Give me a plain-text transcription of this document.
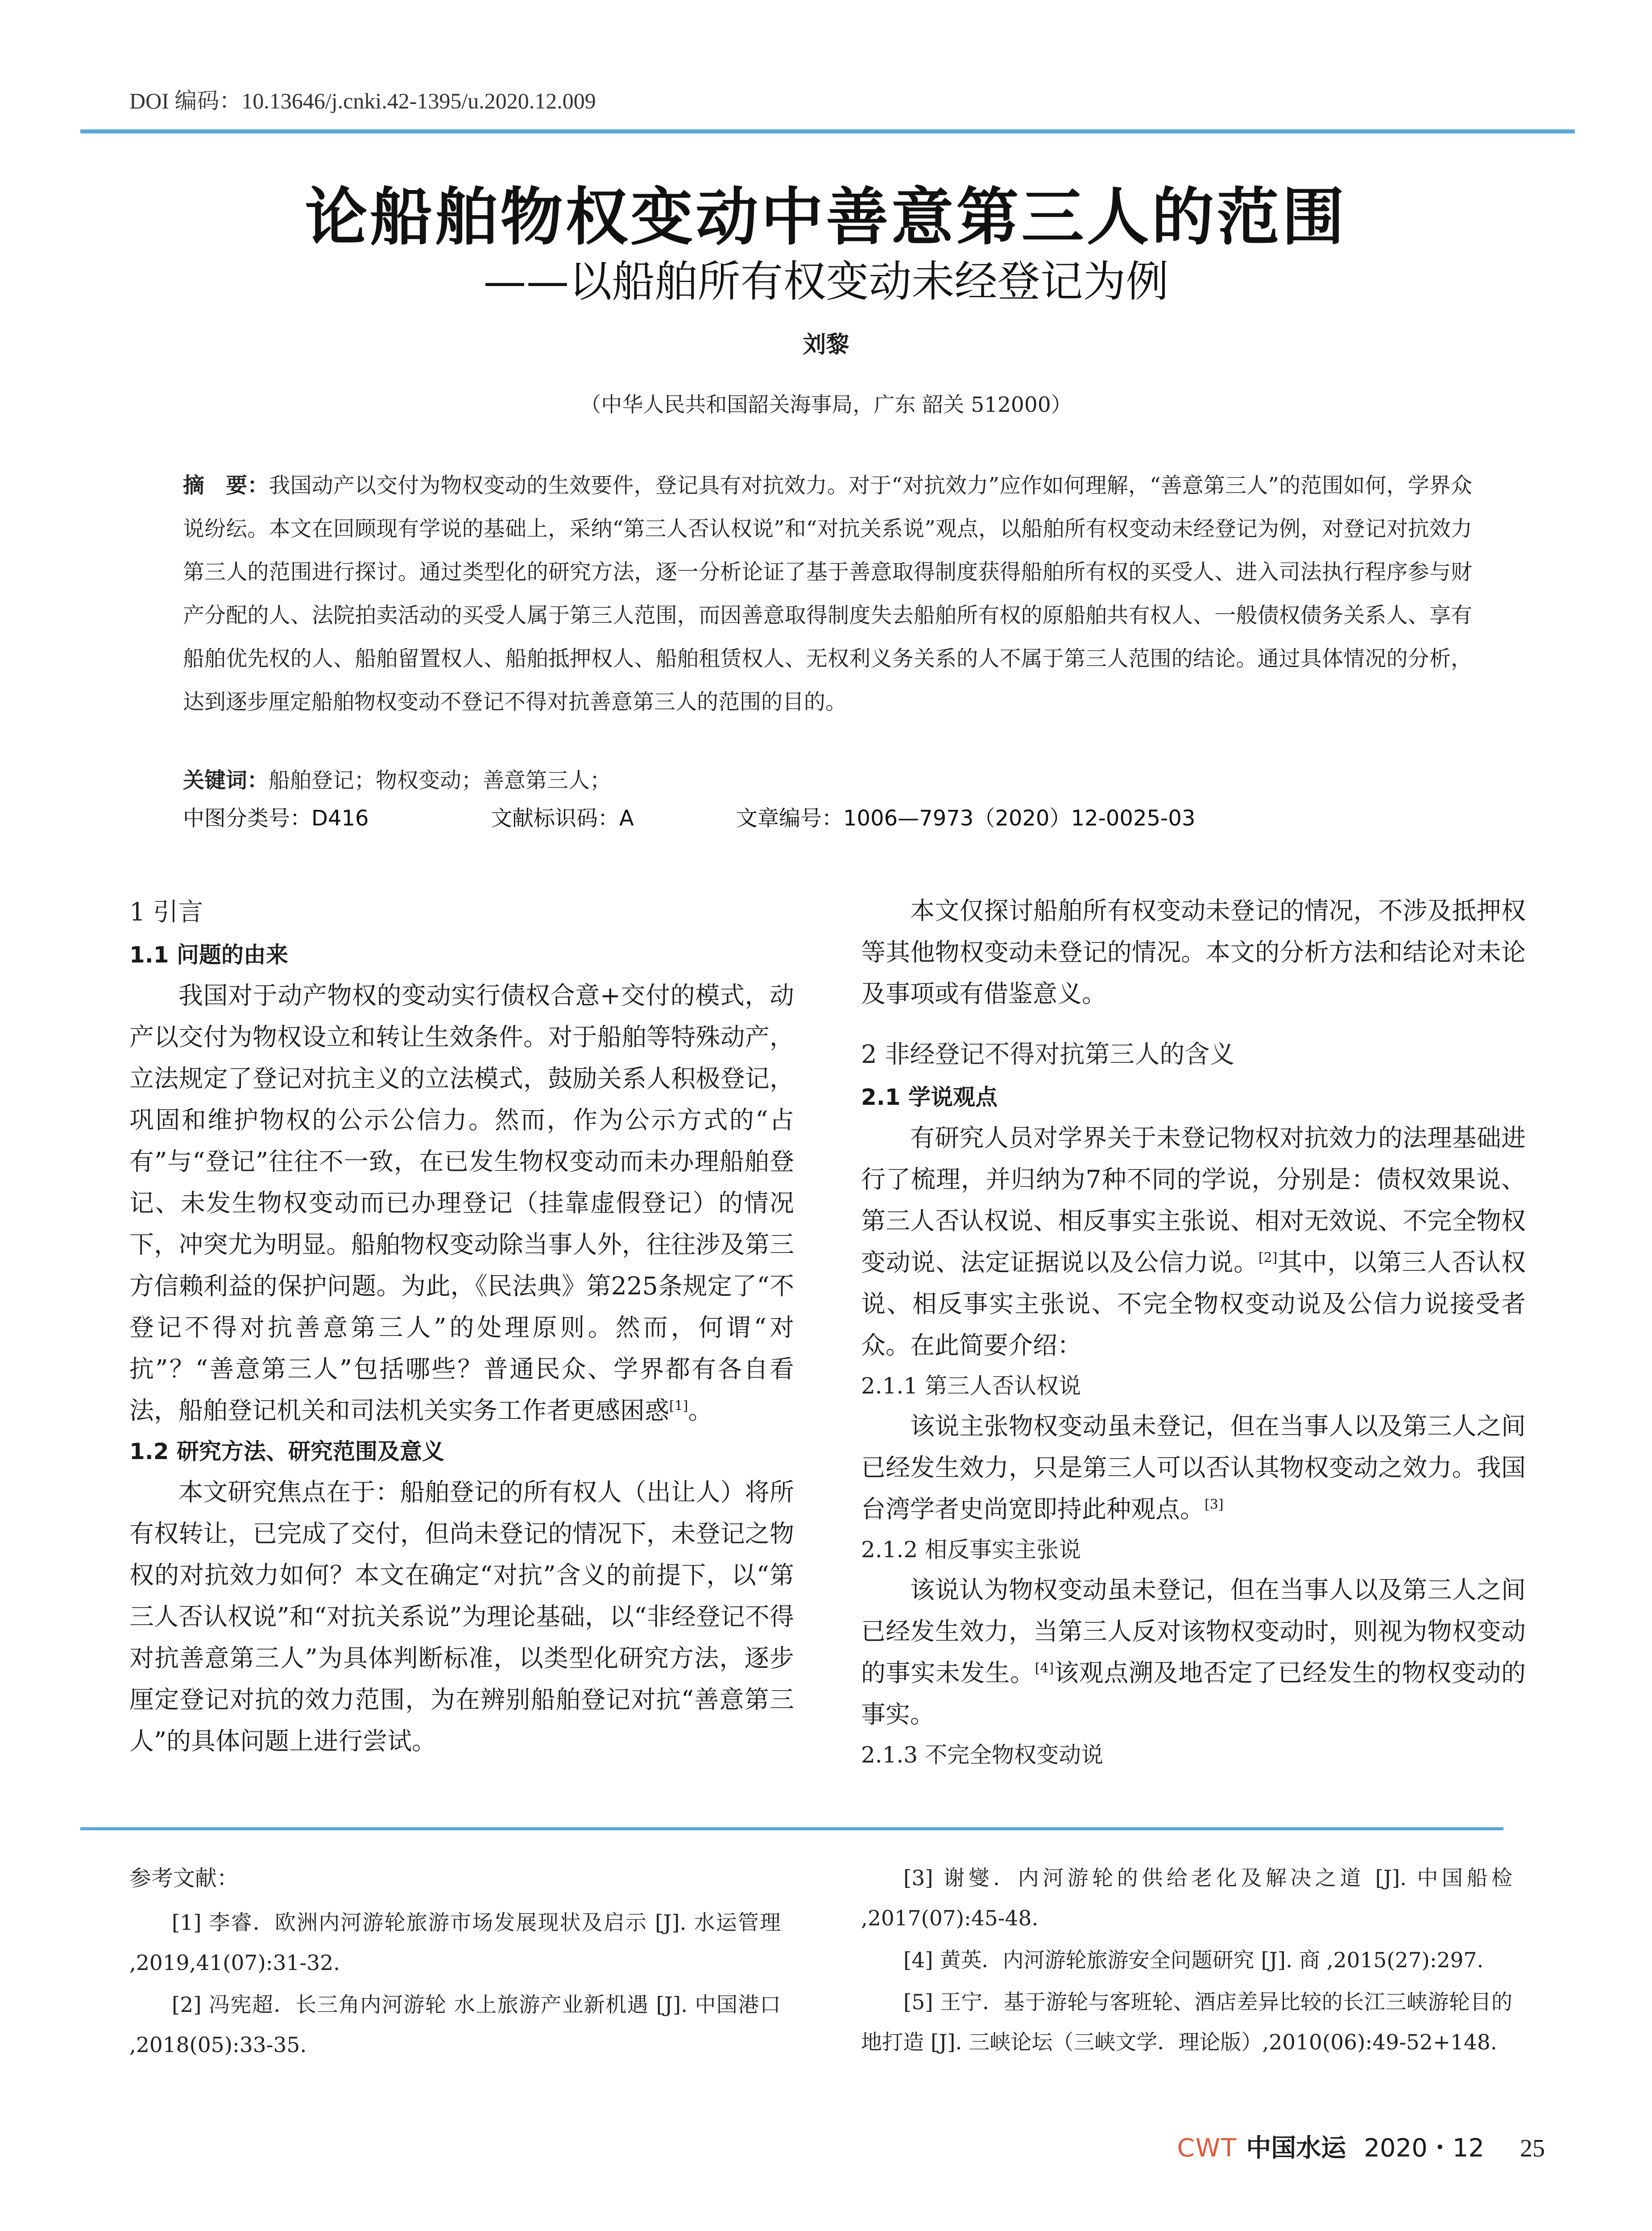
DOI 编码：10.13646/j.cnki.42-1395/u.2020.12.009
论船舶物权变动中善意第三人的范围
——以船舶所有权变动未经登记为例
刘黎
（中华人民共和国韶关海事局，广东 韶关 512000）
摘　要：我国动产以交付为物权变动的生效要件，登记具有对抗效力。对于“对抗效力”应作如何理解，“善意第三人”的范围如何，学界众说纷纭。本文在回顾现有学说的基础上，采纳“第三人否认权说”和“对抗关系说”观点，以船舶所有权变动未经登记为例，对登记对抗效力第三人的范围进行探讨。通过类型化的研究方法，逐一分析论证了基于善意取得制度获得船舶所有权的买受人、进入司法执行程序参与财产分配的人、法院拍卖活动的买受人属于第三人范围，而因善意取得制度失去船舶所有权的原船舶共有权人、一般债权债务关系人、享有船舶优先权的人、船舶留置权人、船舶抵押权人、船舶租赁权人、无权利义务关系的人不属于第三人范围的结论。通过具体情况的分析，达到逐步厘定船舶物权变动不登记不得对抗善意第三人的范围的目的。
关键词：船舶登记；物权变动；善意第三人；
中图分类号：D416	文献标识码：A	文章编号：1006—7973（2020）12-0025-03
1 引言
1.1 问题的由来

我国对于动产物权的变动实行债权合意+交付的模式，动产以交付为物权设立和转让生效条件。对于船舶等特殊动产，立法规定了登记对抗主义的立法模式，鼓励关系人积极登记，巩固和维护物权的公示公信力。然而，作为公示方式的“占有”与“登记”往往不一致，在已发生物权变动而未办理船舶登记、未发生物权变动而已办理登记（挂靠虚假登记）的情况下，冲突尤为明显。船舶物权变动除当事人外，往往涉及第三方信赖利益的保护问题。为此，《民法典》第225条规定了“不登记不得对抗善意第三人”的处理原则。然而，何谓“对抗”？“善意第三人”包括哪些？普通民众、学界都有各自看法，船舶登记机关和司法机关实务工作者更感困惑[1]。

1.2 研究方法、研究范围及意义

本文研究焦点在于：船舶登记的所有权人（出让人）将所有权转让，已完成了交付，但尚未登记的情况下，未登记之物权的对抗效力如何？本文在确定“对抗”含义的前提下，以“第三人否认权说”和“对抗关系说”为理论基础，以“非经登记不得对抗善意第三人”为具体判断标准，以类型化研究方法，逐步厘定登记对抗的效力范围，为在辨别船舶登记对抗“善意第三人”的具体问题上进行尝试。

本文仅探讨船舶所有权变动未登记的情况，不涉及抵押权等其他物权变动未登记的情况。本文的分析方法和结论对未论及事项或有借鉴意义。

2 非经登记不得对抗第三人的含义
2.1 学说观点

有研究人员对学界关于未登记物权对抗效力的法理基础进行了梳理，并归纳为7种不同的学说，分别是：债权效果说、第三人否认权说、相反事实主张说、相对无效说、不完全物权变动说、法定证据说以及公信力说。[2]其中，以第三人否认权说、相反事实主张说、不完全物权变动说及公信力说接受者众。在此简要介绍：

2.1.1 第三人否认权说

该说主张物权变动虽未登记，但在当事人以及第三人之间已经发生效力，只是第三人可以否认其物权变动之效力。我国台湾学者史尚宽即持此种观点。[3]

2.1.2 相反事实主张说

该说认为物权变动虽未登记，但在当事人以及第三人之间已经发生效力，当第三人反对该物权变动时，则视为物权变动的事实未发生。[4]该观点溯及地否定了已经发生的物权变动的事实。

2.1.3 不完全物权变动说
参考文献：
[1] 李睿．欧洲内河游轮旅游市场发展现状及启示 [J]. 水运管理 ,2019,41(07):31-32.
[2] 冯宪超．长三角内河游轮 水上旅游产业新机遇 [J]. 中国港口 ,2018(05):33-35.
[3] 谢燮．内河游轮的供给老化及解决之道 [J]. 中国船检 ,2017(07):45-48.
[4] 黄英．内河游轮旅游安全问题研究 [J]. 商 ,2015(27):297.
[5] 王宁．基于游轮与客班轮、酒店差异比较的长江三峡游轮目的地打造 [J]. 三峡论坛（三峡文学．理论版）,2010(06):49-52+148.
CWT 中国水运 2020・12 25
